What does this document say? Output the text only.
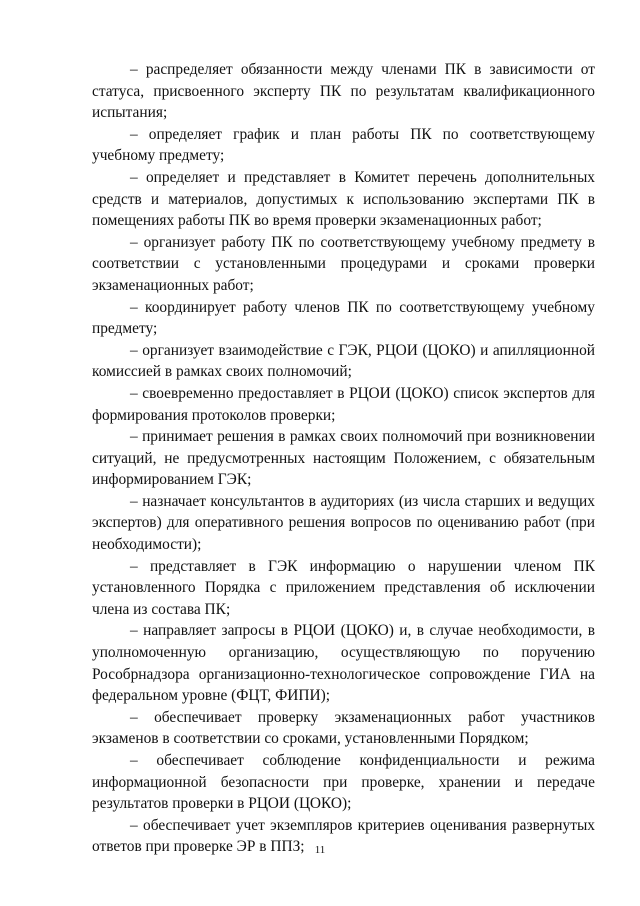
– распределяет обязанности между членами ПК в зависимости от статуса, присвоенного эксперту ПК по результатам квалификационного испытания;

– определяет график и план работы ПК по соответствующему учебному предмету;

– определяет и представляет в Комитет перечень дополнительных средств и материалов, допустимых к использованию экспертами ПК в помещениях работы ПК во время проверки экзаменационных работ;

– организует работу ПК по соответствующему учебному предмету в соответствии с установленными процедурами и сроками проверки экзаменационных работ;

– координирует работу членов ПК по соответствующему учебному предмету;

– организует взаимодействие с ГЭК, РЦОИ (ЦОКО) и апилляционной комиссией в рамках своих полномочий;

– своевременно предоставляет в РЦОИ (ЦОКО) список экспертов для формирования протоколов проверки;

– принимает решения в рамках своих полномочий при возникновении ситуаций, не предусмотренных настоящим Положением, с обязательным информированием ГЭК;

– назначает консультантов в аудиториях (из числа старших и ведущих экспертов) для оперативного решения вопросов по оцениванию работ (при необходимости);

– представляет в ГЭК информацию о нарушении членом ПК установленного Порядка с приложением представления об исключении члена из состава ПК;

– направляет запросы в РЦОИ (ЦОКО) и, в случае необходимости, в уполномоченную организацию, осуществляющую по поручению Рособрнадзора организационно-технологическое сопровождение ГИА на федеральном уровне (ФЦТ, ФИПИ);

– обеспечивает проверку экзаменационных работ участников экзаменов в соответствии со сроками, установленными Порядком;

– обеспечивает соблюдение конфиденциальности и режима информационной безопасности при проверке, хранении и передаче результатов проверки в РЦОИ (ЦОКО);

– обеспечивает учет экземпляров критериев оценивания развернутых ответов при проверке ЭР в ППЗ; 11
